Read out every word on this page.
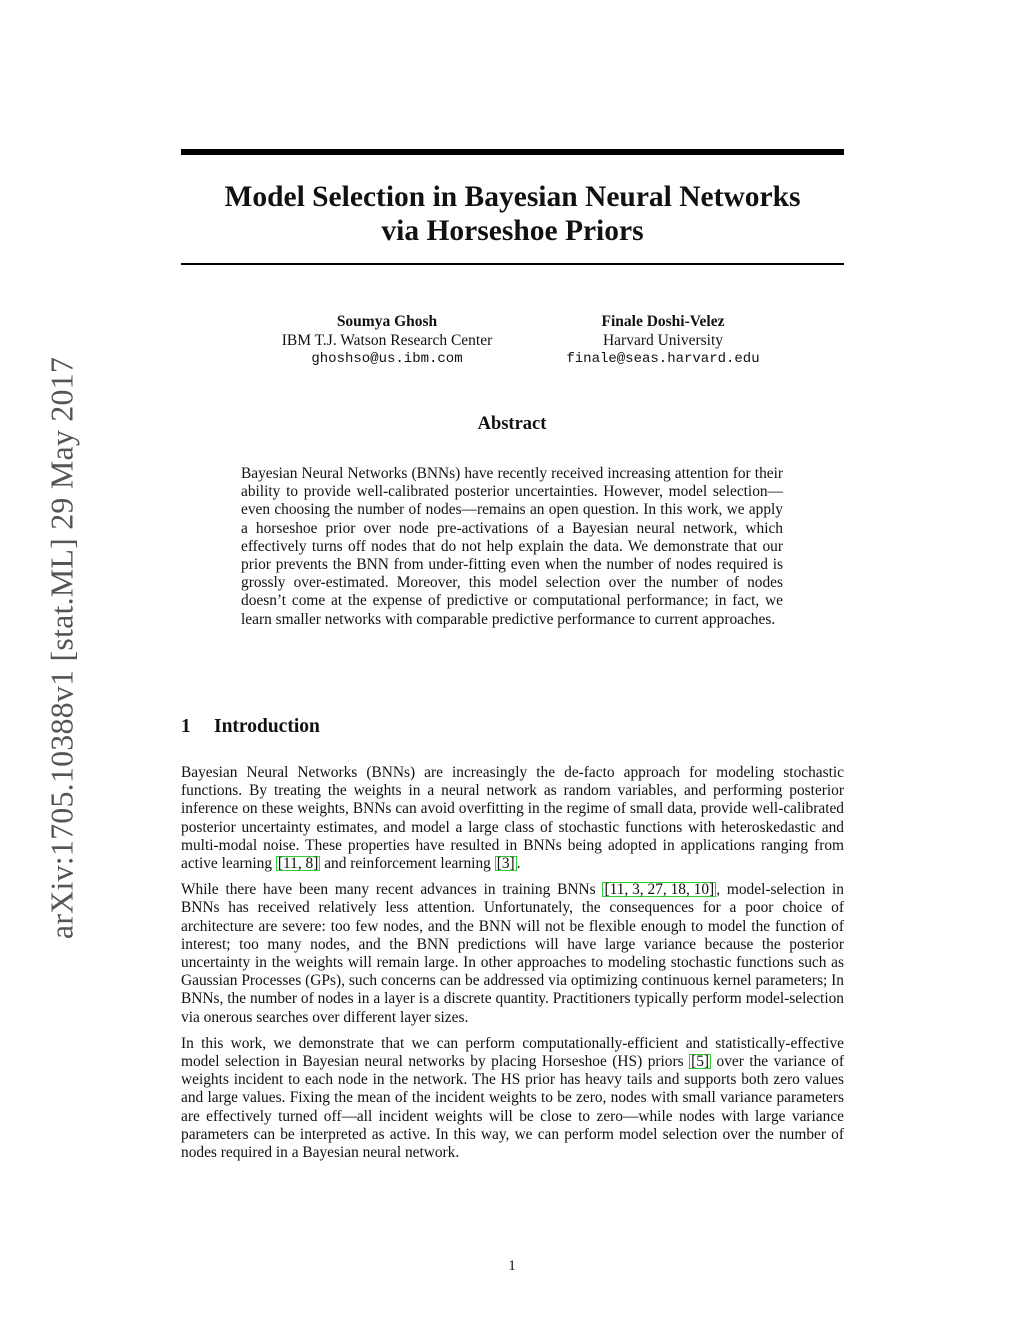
arXiv:1705.10388v1 [stat.ML] 29 May 2017
Model Selection in Bayesian Neural Networks
via Horseshoe Priors
Soumya Ghosh
IBM T.J. Watson Research Center
ghoshso@us.ibm.com
Finale Doshi-Velez
Harvard University
finale@seas.harvard.edu
Abstract
Bayesian Neural Networks (BNNs) have recently received increasing attention for their ability to provide well-calibrated posterior uncertainties. However, model selection—even choosing the number of nodes—remains an open question. In this work, we apply a horseshoe prior over node pre-activations of a Bayesian neural network, which effectively turns off nodes that do not help explain the data. We demonstrate that our prior prevents the BNN from under-fitting even when the number of nodes required is grossly over-estimated. Moreover, this model selection over the number of nodes doesn’t come at the expense of predictive or computational performance; in fact, we learn smaller networks with comparable predictive performance to current approaches.
1 Introduction

Bayesian Neural Networks (BNNs) are increasingly the de-facto approach for modeling stochastic functions. By treating the weights in a neural network as random variables, and performing posterior inference on these weights, BNNs can avoid overfitting in the regime of small data, provide well-calibrated posterior uncertainty estimates, and model a large class of stochastic functions with heteroskedastic and multi-modal noise. These properties have resulted in BNNs being adopted in applications ranging from active learning [11, 8] and reinforcement learning [3] .

While there have been many recent advances in training BNNs [11, 3, 27, 18, 10] , model-selection in BNNs has received relatively less attention. Unfortunately, the consequences for a poor choice of architecture are severe: too few nodes, and the BNN will not be flexible enough to model the function of interest; too many nodes, and the BNN predictions will have large variance because the posterior uncertainty in the weights will remain large. In other approaches to modeling stochastic functions such as Gaussian Processes (GPs), such concerns can be addressed via optimizing continuous kernel parameters; In BNNs, the number of nodes in a layer is a discrete quantity. Practitioners typically perform model-selection via onerous searches over different layer sizes.

In this work, we demonstrate that we can perform computationally-efficient and statistically-effective model selection in Bayesian neural networks by placing Horseshoe (HS) priors [5] over the variance of weights incident to each node in the network. The HS prior has heavy tails and supports both zero values and large values. Fixing the mean of the incident weights to be zero, nodes with small variance parameters are effectively turned off—all incident weights will be close to zero—while nodes with large variance parameters can be interpreted as active. In this way, we can perform model selection over the number of nodes required in a Bayesian neural network.

1
